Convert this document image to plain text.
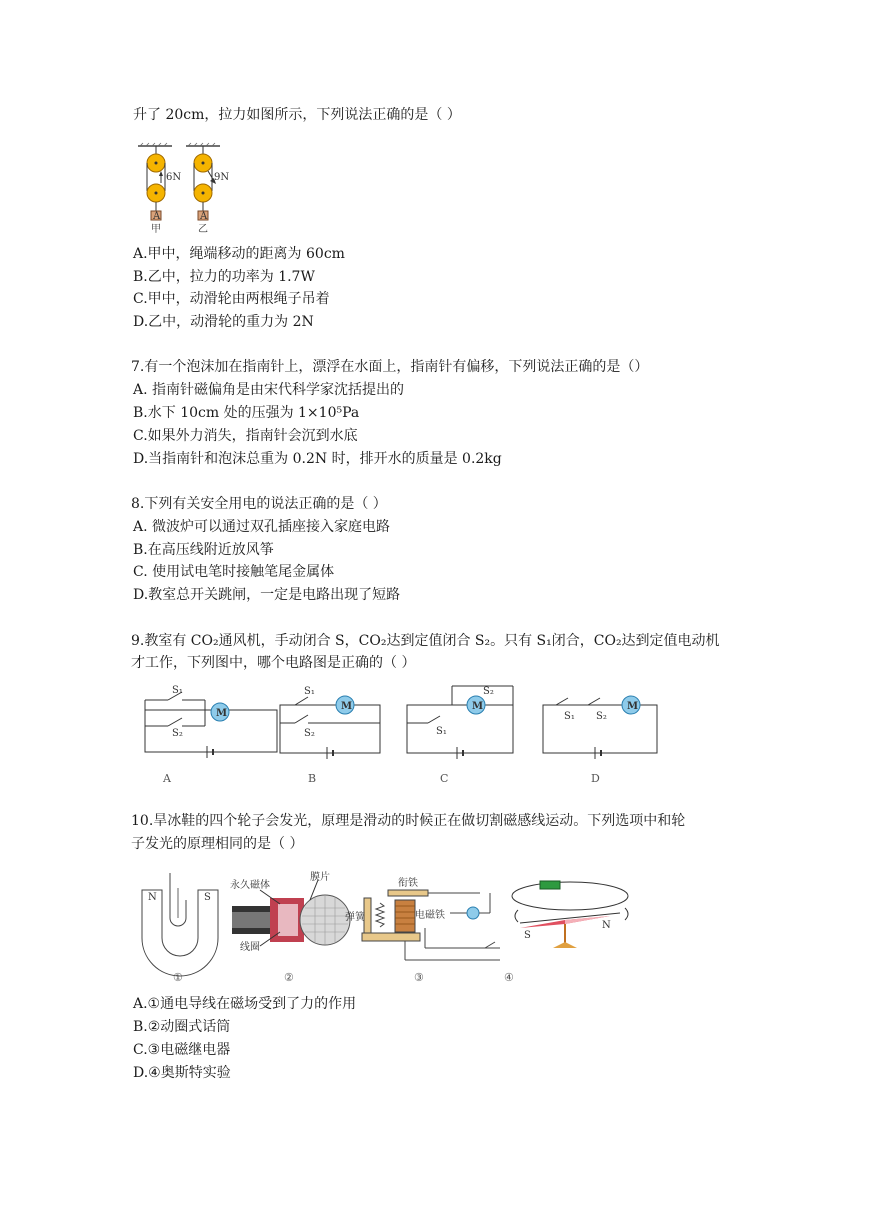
升了 20cm，拉力如图所示，下列说法正确的是（ ）
6N
A
甲
9N
A
乙
A.甲中，绳端移动的距离为 60cm
B.乙中，拉力的功率为 1.7W
C.甲中，动滑轮由两根绳子吊着
D.乙中，动滑轮的重力为 2N
7.有一个泡沫加在指南针上，漂浮在水面上，指南针有偏移，下列说法正确的是（）
A. 指南针磁偏角是由宋代科学家沈括提出的
B.水下 10cm 处的压强为 1×10⁵Pa
C.如果外力消失，指南针会沉到水底
D.当指南针和泡沫总重为 0.2N 时，排开水的质量是 0.2kg
8.下列有关安全用电的说法正确的是（ ）
A. 微波炉可以通过双孔插座接入家庭电路
B.在高压线附近放风筝
C. 使用试电笔时接触笔尾金属体
D.教室总开关跳闸，一定是电路出现了短路
9.教室有 CO₂通风机，手动闭合 S，CO₂达到定值闭合 S₂。只有 S₁闭合，CO₂达到定值电动机
才工作，下列图中，哪个电路图是正确的（ ）
M
S₁
S₂
A
M
S₁
S₂
B
M
S₂
S₁
C
M
S₁ S₂
D
10.旱冰鞋的四个轮子会发光，原理是滑动的时候正在做切割磁感线运动。下列选项中和轮
子发光的原理相同的是（ ）
N	S
①
永久磁体
膜片
线圈
②
衔铁
电磁铁
弹簧
③
S
N
④
A.①通电导线在磁场受到了力的作用
B.②动圈式话筒
C.③电磁继电器
D.④奥斯特实验
